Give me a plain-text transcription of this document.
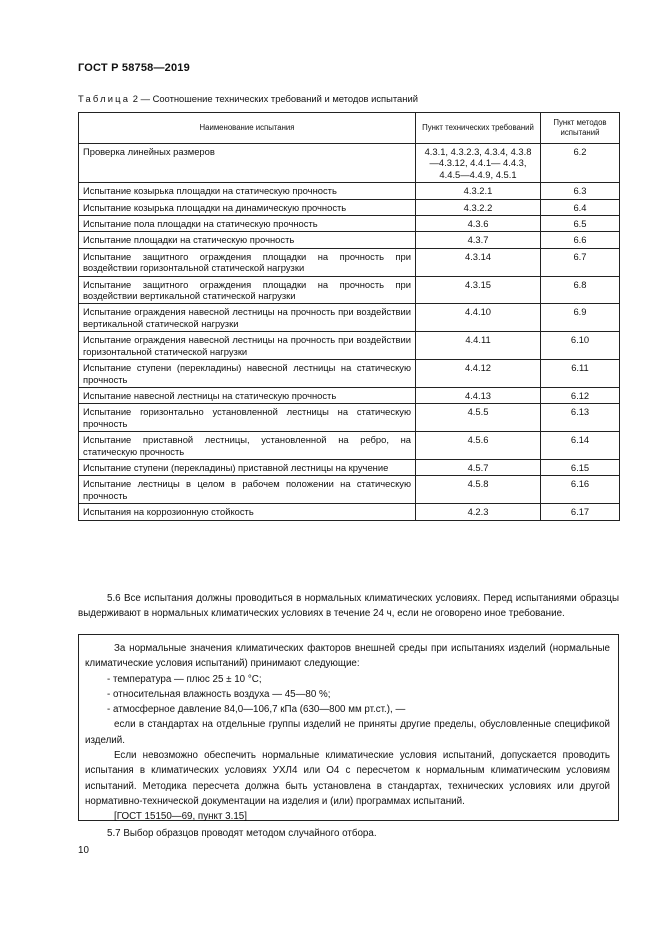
ГОСТ Р 58758—2019
Таблица 2 — Соотношение технических требований и методов испытаний
Наименование испытания	Пункт технических требований	Пункт методов испытаний
Проверка линейных размеров	4.3.1, 4.3.2.3, 4.3.4, 4.3.8—4.3.12, 4.4.1— 4.4.3, 4.4.5—4.4.9, 4.5.1	6.2
Испытание козырька площадки на статическую прочность	4.3.2.1	6.3
Испытание козырька площадки на динамическую прочность	4.3.2.2	6.4
Испытание пола площадки на статическую прочность	4.3.6	6.5
Испытание площадки на статическую прочность	4.3.7	6.6
Испытание защитного ограждения площадки на прочность при воздействии горизонтальной статической нагрузки	4.3.14	6.7
Испытание защитного ограждения площадки на прочность при воздействии вертикальной статической нагрузки	4.3.15	6.8
Испытание ограждения навесной лестницы на прочность при воздействии вертикальной статической нагрузки	4.4.10	6.9
Испытание ограждения навесной лестницы на прочность при воздействии горизонтальной статической нагрузки	4.4.11	6.10
Испытание ступени (перекладины) навесной лестницы на статическую прочность	4.4.12	6.11
Испытание навесной лестницы на статическую прочность	4.4.13	6.12
Испытание горизонтально установленной лестницы на статическую прочность	4.5.5	6.13
Испытание приставной лестницы, установленной на ребро, на статическую прочность	4.5.6	6.14
Испытание ступени (перекладины) приставной лестницы на кручение	4.5.7	6.15
Испытание лестницы в целом в рабочем положении на статическую прочность	4.5.8	6.16
Испытания на коррозионную стойкость	4.2.3	6.17
5.6 Все испытания должны проводиться в нормальных климатических условиях. Перед испытаниями образцы выдерживают в нормальных климатических условиях в течение 24 ч, если не оговорено иное требование.

За нормальные значения климатических факторов внешней среды при испытаниях изделий (нормальные климатические условия испытаний) принимают следующие:

- температура — плюс 25 ± 10 °С;

- относительная влажность воздуха — 45—80 %;

- атмосферное давление 84,0—106,7 кПа (630—800 мм рт.ст.), —

если в стандартах на отдельные группы изделий не приняты другие пределы, обусловленные спецификой изделий.

Если невозможно обеспечить нормальные климатические условия испытаний, допускается проводить испытания в климатических условиях УХЛ4 или О4 с пересчетом к нормальным климатическим условиям испытаний. Методика пересчета должна быть установлена в стандартах, технических условиях или другой нормативно-технической документации на изделия и (или) программах испытаний.

[ГОСТ 15150—69, пункт 3.15]

5.7 Выбор образцов проводят методом случайного отбора.
10
